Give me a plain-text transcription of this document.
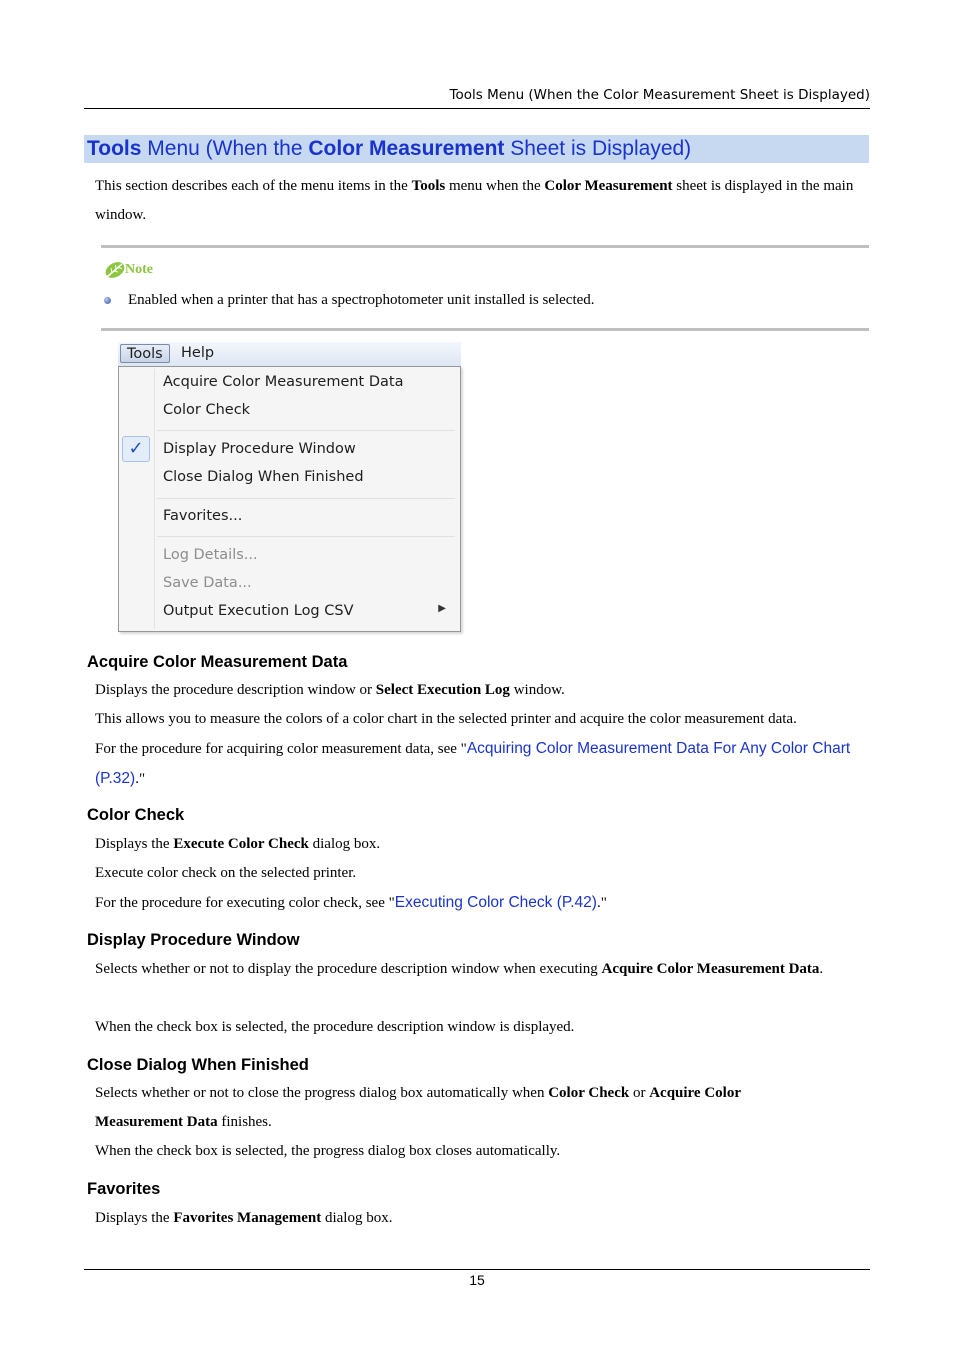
Tools Menu (When the Color Measurement Sheet is Displayed)
Tools Menu (When the Color Measurement Sheet is Displayed)
This section describes each of the menu items in the Tools menu when the Color Measurement sheet is displayed in the main window.
Note
Enabled when a printer that has a spectrophotometer unit installed is selected.
Tools	Help
Acquire Color Measurement Data
Color Check
✓	Display Procedure Window
Close Dialog When Finished
Favorites...
Log Details...
Save Data...
Output Execution Log CSV	▶
Acquire Color Measurement Data
Displays the procedure description window or Select Execution Log window.
This allows you to measure the colors of a color chart in the selected printer and acquire the color measurement data.
For the procedure for acquiring color measurement data, see "Acquiring Color Measurement Data For Any Color Chart (P.32)."
Color Check
Displays the Execute Color Check dialog box.
Execute color check on the selected printer.
For the procedure for executing color check, see "Executing Color Check (P.42)."
Display Procedure Window
Selects whether or not to display the procedure description window when executing Acquire Color Measurement Data.
When the check box is selected, the procedure description window is displayed.
Close Dialog When Finished
Selects whether or not to close the progress dialog box automatically when Color Check or Acquire Color Measurement Data finishes.
When the check box is selected, the progress dialog box closes automatically.
Favorites
Displays the Favorites Management dialog box.
15
